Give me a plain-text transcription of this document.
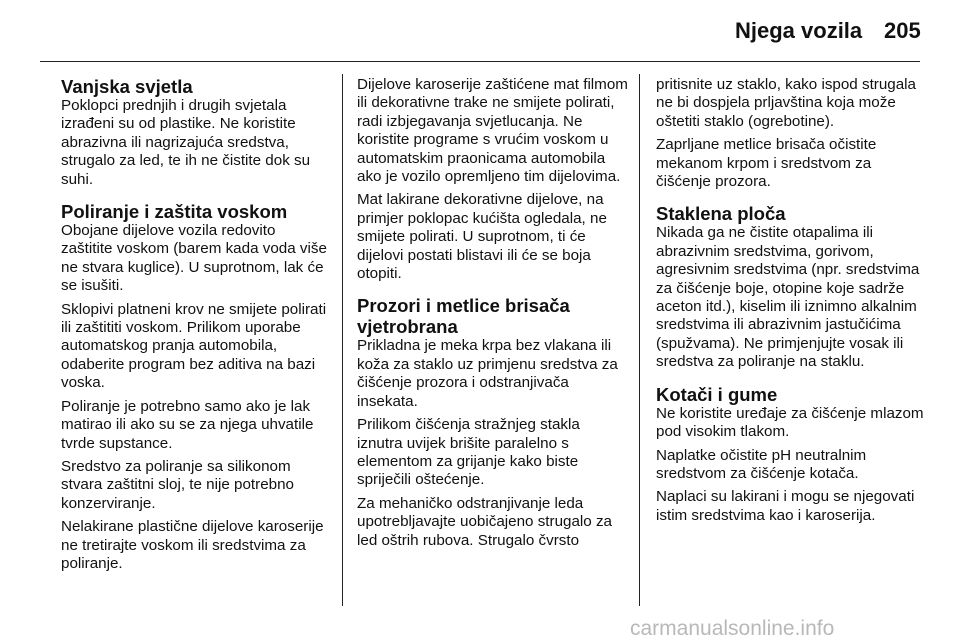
Njega vozila 205
Vanjska svjetla

Poklopci prednjih i drugih svjetala izrađeni su od plastike. Ne koristite abrazivna ili nagrizajuća sredstva, strugalo za led, te ih ne čistite dok su suhi.

Poliranje i zaštita voskom

Obojane dijelove vozila redovito zaštitite voskom (barem kada voda više ne stvara kuglice). U suprotnom, lak će se isušiti.

Sklopivi platneni krov ne smijete polirati ili zaštititi voskom. Prilikom uporabe automatskog pranja automobila, odaberite program bez aditiva na bazi voska.

Poliranje je potrebno samo ako je lak matirao ili ako su se za njega uhvatile tvrde supstance.

Sredstvo za poliranje sa silikonom stvara zaštitni sloj, te nije potrebno konzerviranje.

Nelakirane plastične dijelove karoserije ne tretirajte voskom ili sredstvima za poliranje.

Dijelove karoserije zaštićene mat filmom ili dekorativne trake ne smijete polirati, radi izbjegavanja svjetlucanja. Ne koristite programe s vrućim voskom u automatskim praonicama automobila ako je vozilo opremljeno tim dijelovima.

Mat lakirane dekorativne dijelove, na primjer poklopac kućišta ogledala, ne smijete polirati. U suprotnom, ti će dijelovi postati blistavi ili će se boja otopiti.

Prozori i metlice brisača vjetrobrana

Prikladna je meka krpa bez vlakana ili koža za staklo uz primjenu sredstva za čišćenje prozora i odstranjivača insekata.

Prilikom čišćenja stražnjeg stakla iznutra uvijek brišite paralelno s elementom za grijanje kako biste spriječili oštećenje.

Za mehaničko odstranjivanje leda upotrebljavajte uobičajeno strugalo za led oštrih rubova. Strugalo čvrsto

pritisnite uz staklo, kako ispod strugala ne bi dospjela prljavština koja može oštetiti staklo (ogrebotine).

Zaprljane metlice brisača očistite mekanom krpom i sredstvom za čišćenje prozora.

Staklena ploča

Nikada ga ne čistite otapalima ili abrazivnim sredstvima, gorivom, agresivnim sredstvima (npr. sredstvima za čišćenje boje, otopine koje sadrže aceton itd.), kiselim ili iznimno alkalnim sredstvima ili abrazivnim jastučićima (spužvama). Ne primjenjujte vosak ili sredstva za poliranje na staklu.

Kotači i gume

Ne koristite uređaje za čišćenje mlazom pod visokim tlakom.

Naplatke očistite pH neutralnim sredstvom za čišćenje kotača.

Naplaci su lakirani i mogu se njegovati istim sredstvima kao i karoserija.

carmanualsonline.info
